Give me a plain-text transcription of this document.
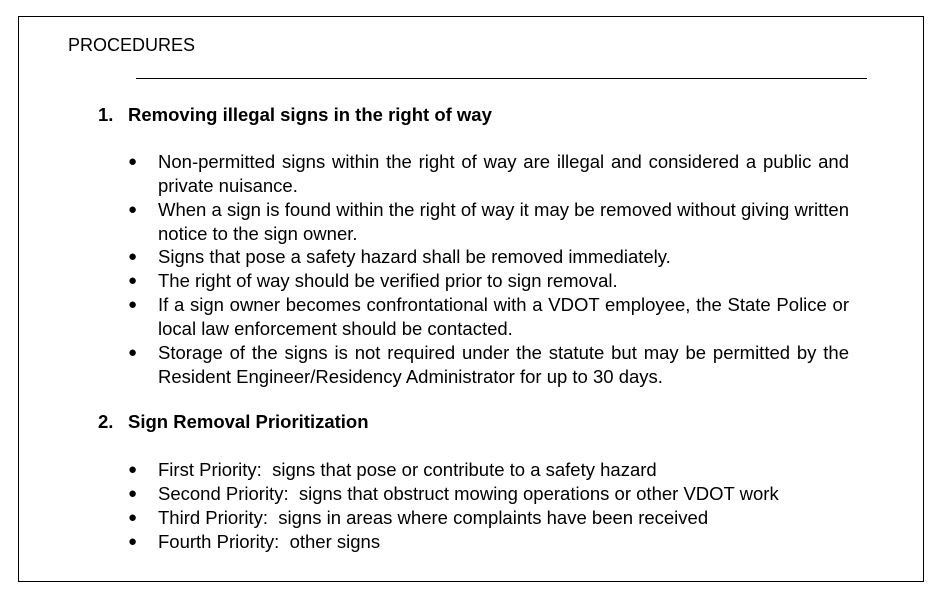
PROCEDURES
1. Removing illegal signs in the right of way
● Non-permitted signs within the right of way are illegal and considered a public and private nuisance.
● When a sign is found within the right of way it may be removed without giving written notice to the sign owner.
● Signs that pose a safety hazard shall be removed immediately.
● The right of way should be verified prior to sign removal.
● If a sign owner becomes confrontational with a VDOT employee, the State Police or local law enforcement should be contacted.
● Storage of the signs is not required under the statute but may be permitted by the Resident Engineer/Residency Administrator for up to 30 days.
2. Sign Removal Prioritization
● First Priority:  signs that pose or contribute to a safety hazard
● Second Priority:  signs that obstruct mowing operations or other VDOT work
● Third Priority:  signs in areas where complaints have been received
● Fourth Priority:  other signs
